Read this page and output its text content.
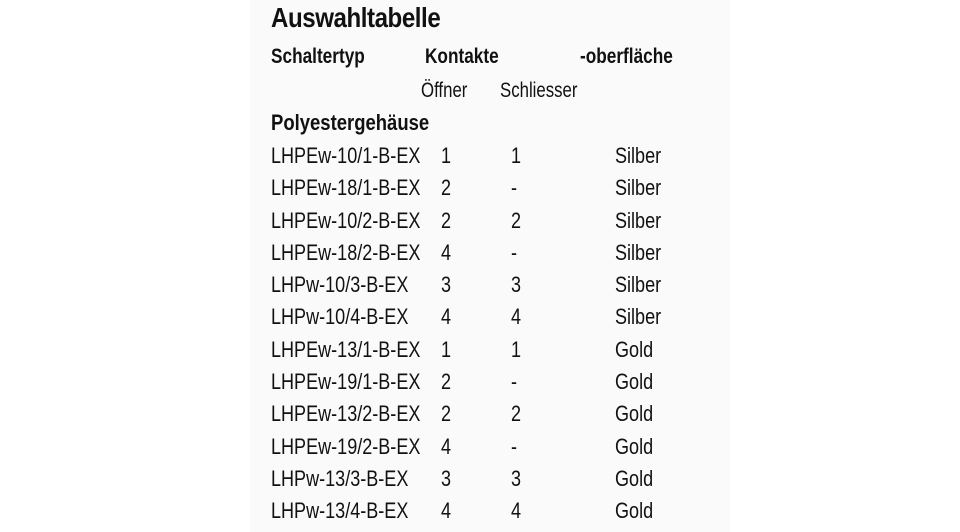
Auswahltabelle
Schaltertyp	Kontakte	-oberfläche
Öffner Schliesser
Polyestergehäuse
LHPEw-10/1-B-EX 1	1	Silber
LHPEw-18/1-B-EX 2	-	Silber
LHPEw-10/2-B-EX 2	2	Silber
LHPEw-18/2-B-EX 4	-	Silber
LHPw-10/3-B-EX 3	3	Silber
LHPw-10/4-B-EX 4	4	Silber
LHPEw-13/1-B-EX 1	1	Gold
LHPEw-19/1-B-EX 2	-	Gold
LHPEw-13/2-B-EX 2	2	Gold
LHPEw-19/2-B-EX 4	-	Gold
LHPw-13/3-B-EX 3	3	Gold
LHPw-13/4-B-EX 4	4	Gold
